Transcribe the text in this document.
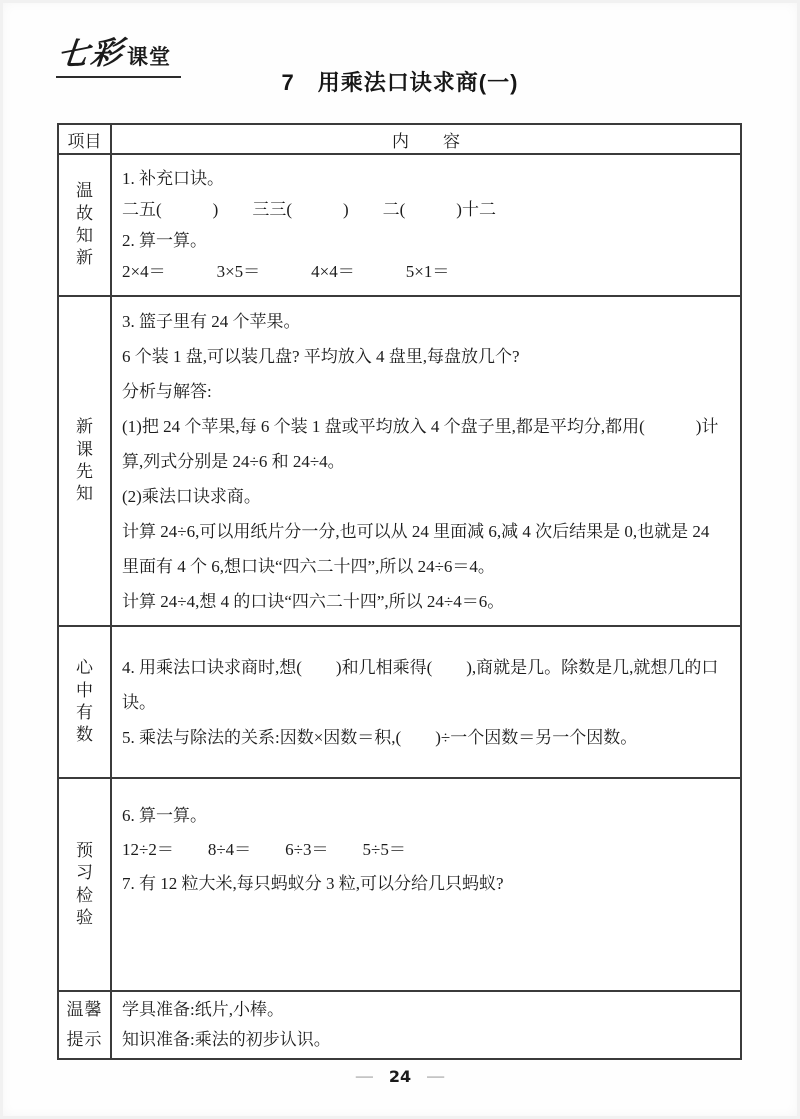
七彩 课堂
7　用乘法口诀求商(一)
项目	内　　容
温故知新
1. 补充口诀。
二五(　　　)　　三三(　　　)　　二(　　　)十二
2. 算一算。
2×4＝　　　3×5＝　　　4×4＝　　　5×1＝
新课先知
3. 篮子里有 24 个苹果。
6 个装 1 盘,可以装几盘? 平均放入 4 盘里,每盘放几个?
分析与解答:
(1)把 24 个苹果,每 6 个装 1 盘或平均放入 4 个盘子里,都是平均分,都用(　　　)计算,列式分别是 24÷6 和 24÷4。
(2)乘法口诀求商。
计算 24÷6,可以用纸片分一分,也可以从 24 里面减 6,减 4 次后结果是 0,也就是 24 里面有 4 个 6,想口诀“四六二十四”,所以 24÷6＝4。
计算 24÷4,想 4 的口诀“四六二十四”,所以 24÷4＝6。
心中有数
4. 用乘法口诀求商时,想(　　)和几相乘得(　　),商就是几。除数是几,就想几的口诀。
5. 乘法与除法的关系:因数×因数＝积,(　　)÷一个因数＝另一个因数。
预习检验
6. 算一算。
12÷2＝　　8÷4＝　　6÷3＝　　5÷5＝
7. 有 12 粒大米,每只蚂蚁分 3 粒,可以分给几只蚂蚁?
温馨提示
学具准备:纸片,小棒。
知识准备:乘法的初步认识。
— 24 —
